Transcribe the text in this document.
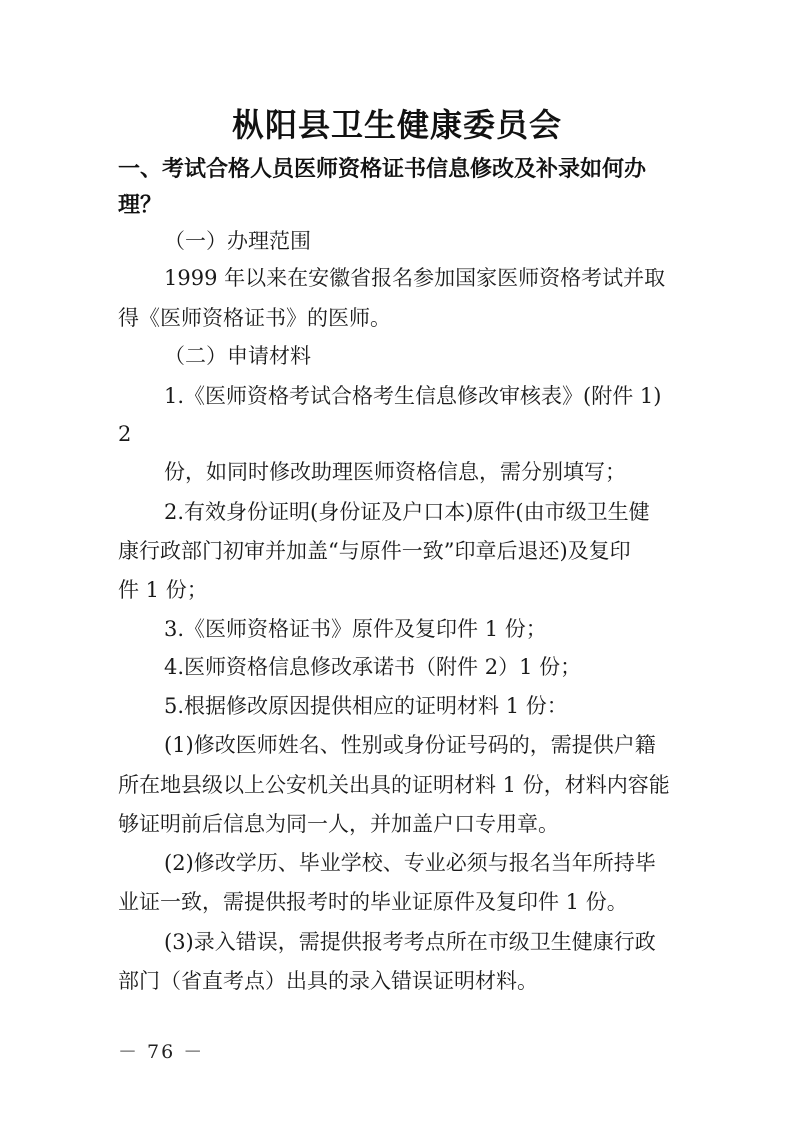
枞阳县卫生健康委员会
一、考试合格人员医师资格证书信息修改及补录如何办
理？
（一）办理范围
1999 年以来在安徽省报名参加国家医师资格考试并取
得《医师资格证书》的医师。
（二）申请材料
1.《医师资格考试合格考生信息修改审核表》(附件 1)
2
份，如同时修改助理医师资格信息，需分别填写；
2.有效身份证明(身份证及户口本)原件(由市级卫生健
康行政部门初审并加盖“与原件一致”印章后退还)及复印
件 1 份；
3.《医师资格证书》原件及复印件 1 份；
4.医师资格信息修改承诺书（附件 2）1 份；
5.根据修改原因提供相应的证明材料 1 份：
(1)修改医师姓名、性别或身份证号码的，需提供户籍
所在地县级以上公安机关出具的证明材料 1 份，材料内容能
够证明前后信息为同一人，并加盖户口专用章。
(2)修改学历、毕业学校、专业必须与报名当年所持毕
业证一致，需提供报考时的毕业证原件及复印件 1 份。
(3)录入错误，需提供报考考点所在市级卫生健康行政
部门（省直考点）出具的录入错误证明材料。
－ 76 －
